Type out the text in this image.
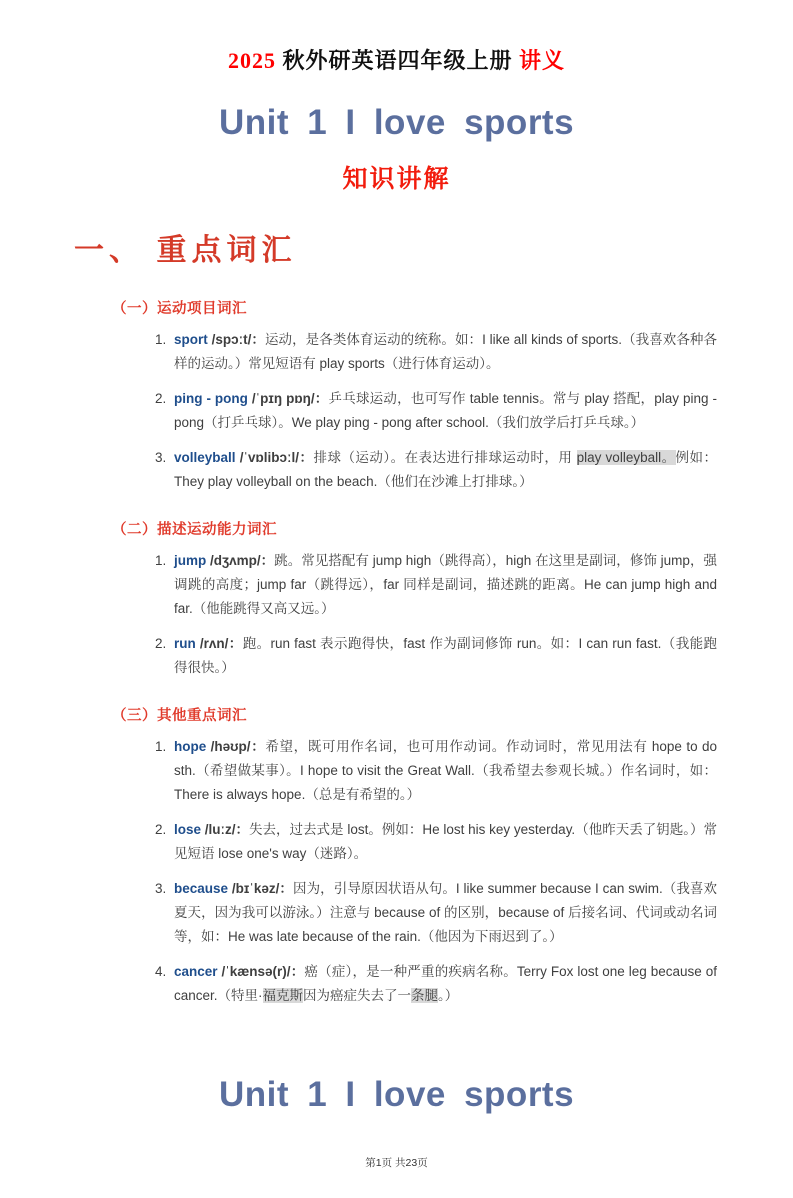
2025 秋外研英语四年级上册 讲义
Unit 1 I love sports
知识讲解
一、 重点词汇
（一）运动项目词汇
1. sport /spɔːt/：运动，是各类体育运动的统称。如：I like all kinds of sports.（我喜欢各种各样的运动。）常见短语有 play sports（进行体育运动）。
2. ping - pong /ˈpɪŋ pɒŋ/：乒乓球运动，也可写作 table tennis。常与 play 搭配，play ping - pong（打乒乓球）。We play ping - pong after school.（我们放学后打乒乓球。）
3. volleyball /ˈvɒlibɔːl/：排球（运动）。在表达进行排球运动时，用 play volleyball。例如：They play volleyball on the beach.（他们在沙滩上打排球。）
（二）描述运动能力词汇
1. jump /dʒʌmp/：跳。常见搭配有 jump high（跳得高），high 在这里是副词，修饰 jump，强调跳的高度；jump far（跳得远），far 同样是副词，描述跳的距离。He can jump high and far.（他能跳得又高又远。）
2. run /rʌn/：跑。run fast 表示跑得快，fast 作为副词修饰 run。如：I can run fast.（我能跑得很快。）
（三）其他重点词汇
1. hope /həʊp/：希望，既可用作名词，也可用作动词。作动词时，常见用法有 hope to do sth.（希望做某事）。I hope to visit the Great Wall.（我希望去参观长城。）作名词时，如：There is always hope.（总是有希望的。）
2. lose /luːz/：失去，过去式是 lost。例如：He lost his key yesterday.（他昨天丢了钥匙。）常见短语 lose one's way（迷路）。
3. because /bɪˈkəz/：因为，引导原因状语从句。I like summer because I can swim.（我喜欢夏天，因为我可以游泳。）注意与 because of 的区别，because of 后接名词、代词或动名词等，如：He was late because of the rain.（他因为下雨迟到了。）
4. cancer /ˈkænsə(r)/：癌（症），是一种严重的疾病名称。Terry Fox lost one leg because of cancer.（特里·福克斯因为癌症失去了一条腿。）
Unit 1 I love sports
第1页 共23页
